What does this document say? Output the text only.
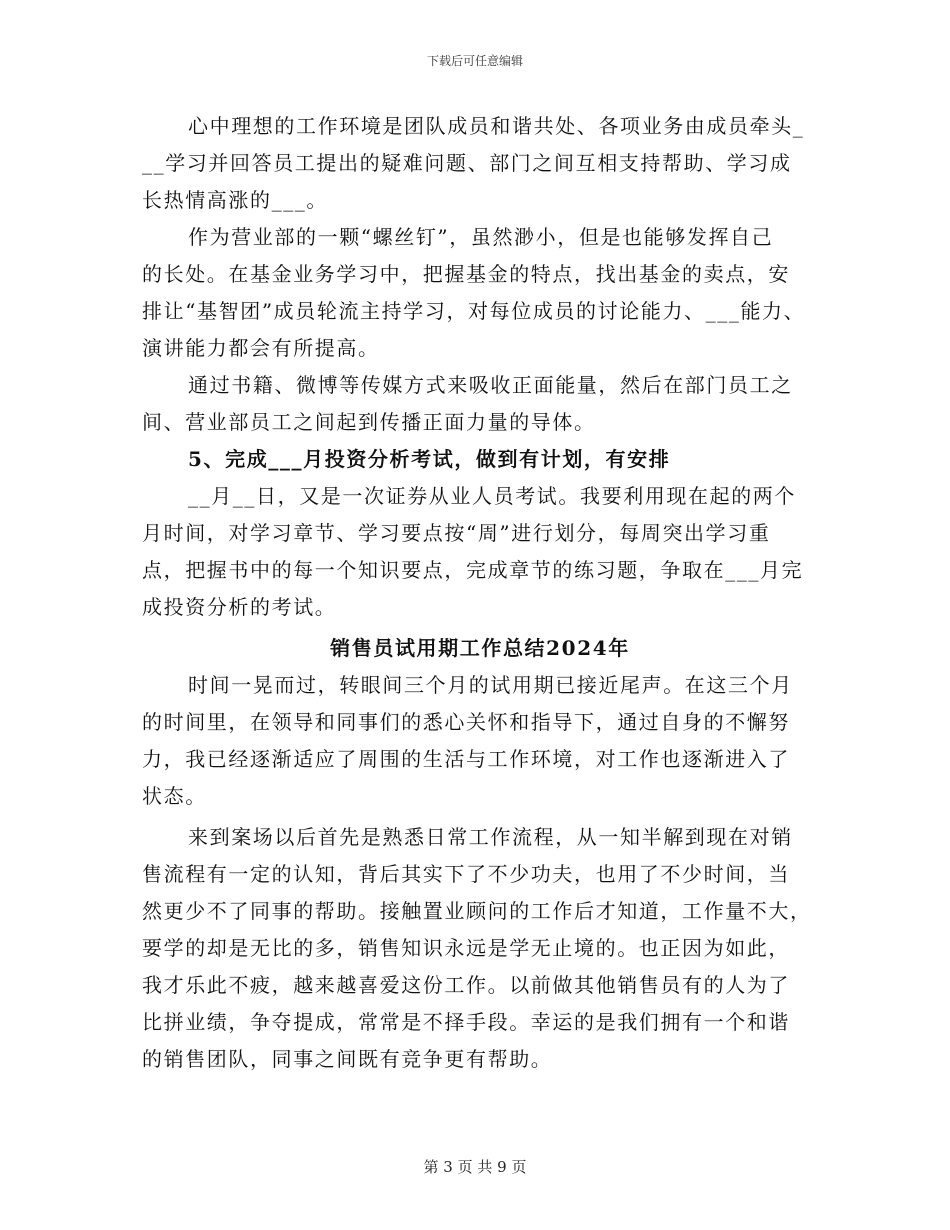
下载后可任意编辑
心中理想的工作环境是团队成员和谐共处、各项业务由成员牵头_
__学习并回答员工提出的疑难问题、部门之间互相支持帮助、学习成
长热情高涨的___。
作为营业部的一颗“螺丝钉”，虽然渺小，但是也能够发挥自己
的长处。在基金业务学习中，把握基金的特点，找出基金的卖点，安
排让“基智团”成员轮流主持学习，对每位成员的讨论能力、___能力、
演讲能力都会有所提高。
通过书籍、微博等传媒方式来吸收正面能量，然后在部门员工之
间、营业部员工之间起到传播正面力量的导体。
5、完成___月投资分析考试，做到有计划，有安排
__月__日，又是一次证券从业人员考试。我要利用现在起的两个
月时间，对学习章节、学习要点按“周”进行划分，每周突出学习重
点，把握书中的每一个知识要点，完成章节的练习题，争取在___月完
成投资分析的考试。
销售员试用期工作总结2024年
时间一晃而过，转眼间三个月的试用期已接近尾声。在这三个月
的时间里，在领导和同事们的悉心关怀和指导下，通过自身的不懈努
力，我已经逐渐适应了周围的生活与工作环境，对工作也逐渐进入了
状态。
来到案场以后首先是熟悉日常工作流程，从一知半解到现在对销
售流程有一定的认知，背后其实下了不少功夫，也用了不少时间，当
然更少不了同事的帮助。接触置业顾问的工作后才知道，工作量不大，
要学的却是无比的多，销售知识永远是学无止境的。也正因为如此，
我才乐此不疲，越来越喜爱这份工作。以前做其他销售员有的人为了
比拼业绩，争夺提成，常常是不择手段。幸运的是我们拥有一个和谐
的销售团队，同事之间既有竞争更有帮助。
第 3 页 共 9 页
